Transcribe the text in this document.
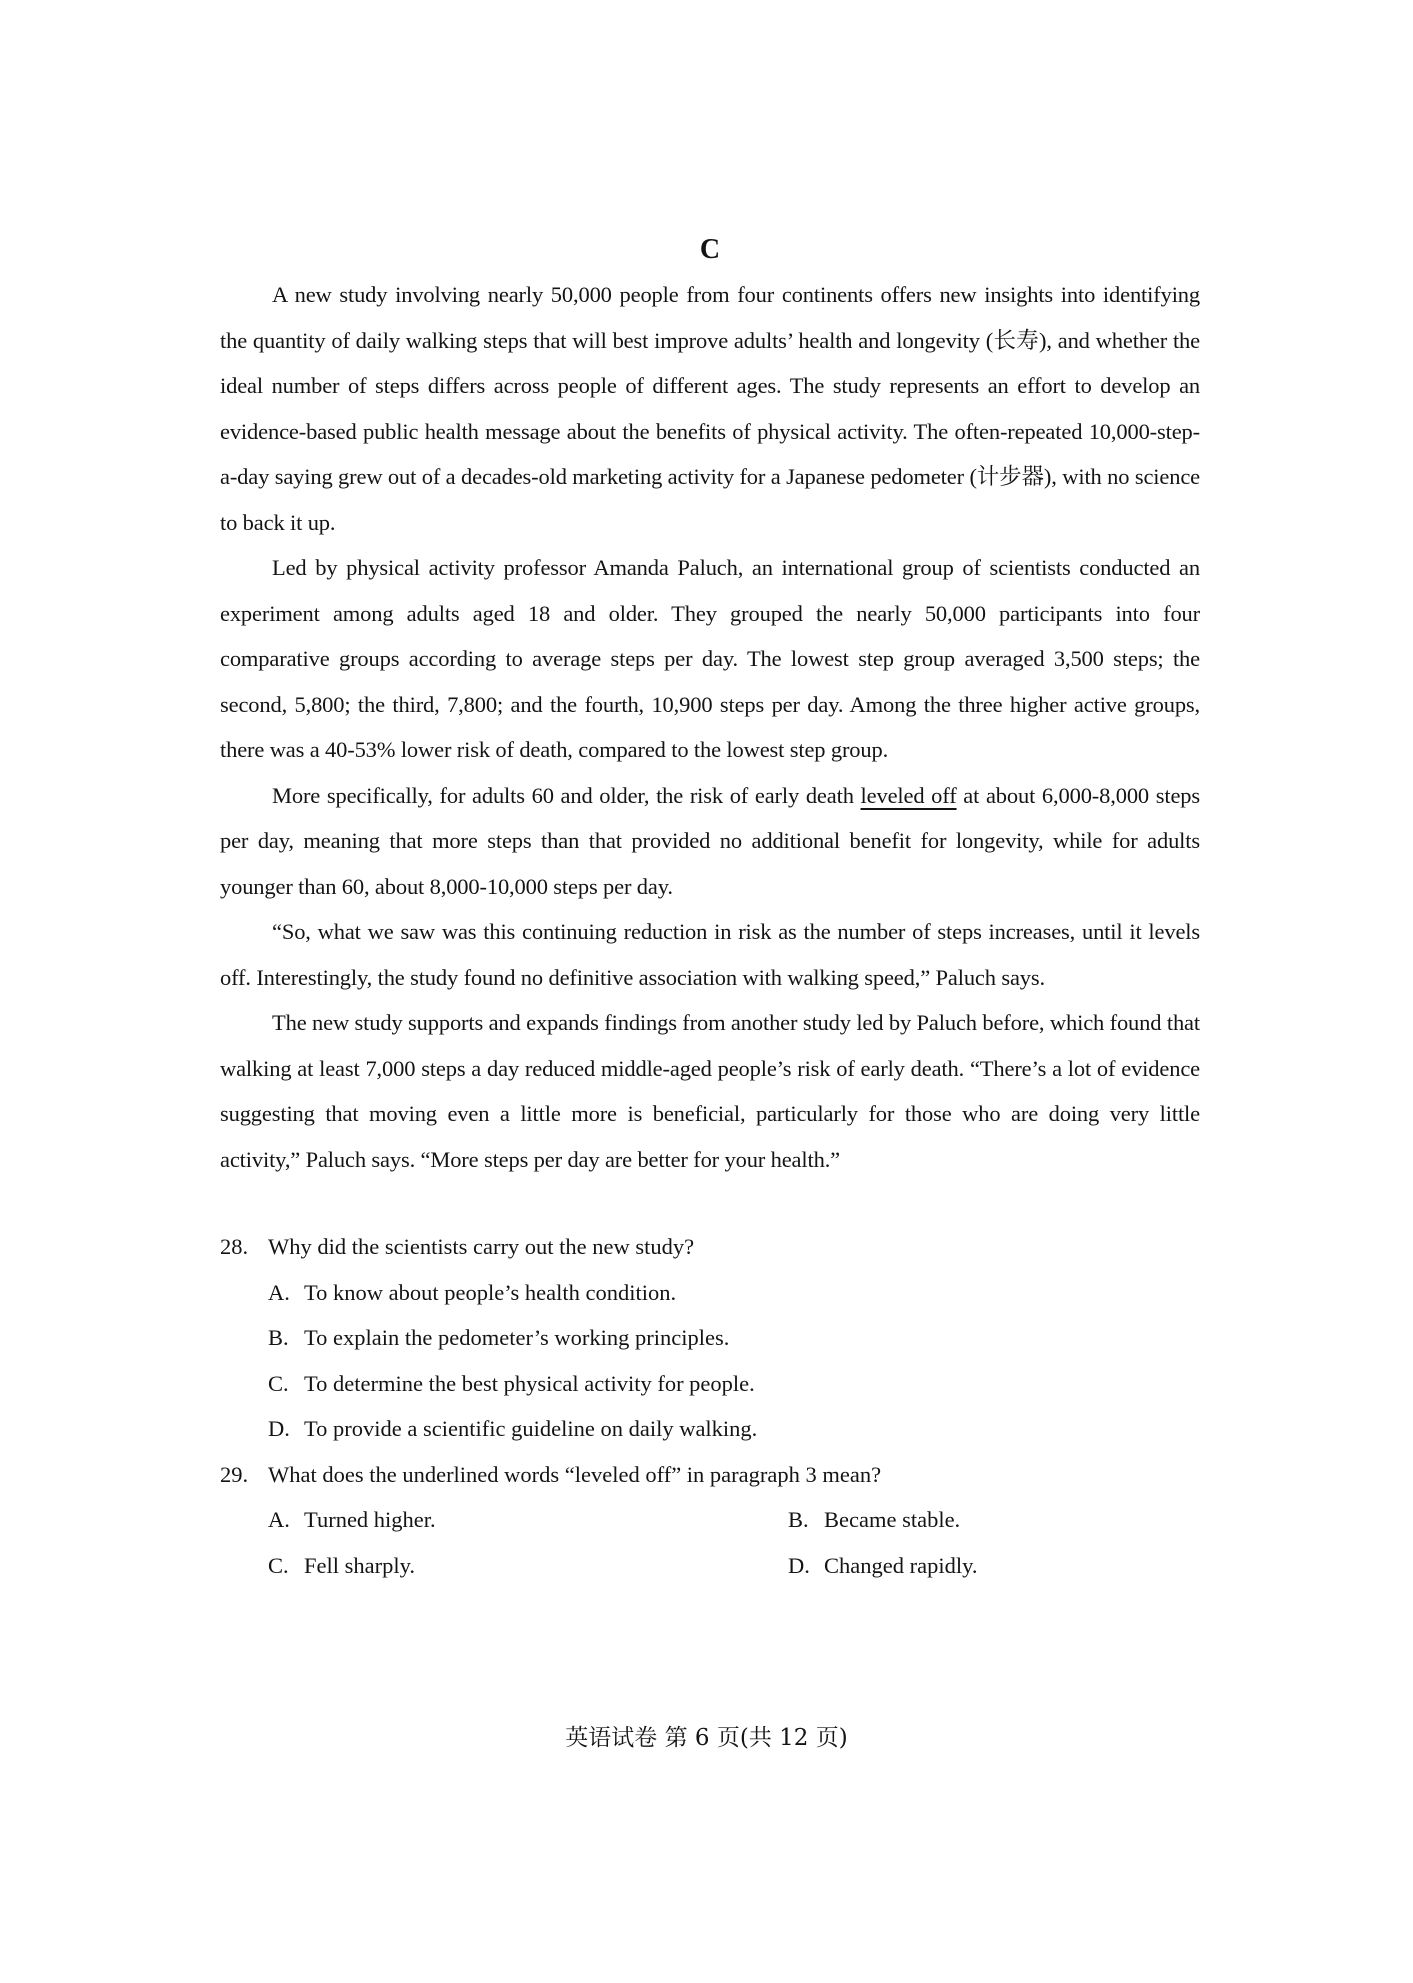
C

A new study involving nearly 50,000 people from four continents offers new insights into identifying the quantity of daily walking steps that will best improve adults’ health and longevity (长寿), and whether the ideal number of steps differs across people of different ages. The study represents an effort to develop an evidence-based public health message about the benefits of physical activity. The often-repeated 10,000-step-a-day saying grew out of a decades-old marketing activity for a Japanese pedometer (计步器), with no science to back it up.

Led by physical activity professor Amanda Paluch, an international group of scientists conducted an experiment among adults aged 18 and older. They grouped the nearly 50,000 participants into four comparative groups according to average steps per day. The lowest step group averaged 3,500 steps; the second, 5,800; the third, 7,800; and the fourth, 10,900 steps per day. Among the three higher active groups, there was a 40-53% lower risk of death, compared to the lowest step group.

More specifically, for adults 60 and older, the risk of early death leveled off at about 6,000-8,000 steps per day, meaning that more steps than that provided no additional benefit for longevity, while for adults younger than 60, about 8,000-10,000 steps per day.

“So, what we saw was this continuing reduction in risk as the number of steps increases, until it levels off. Interestingly, the study found no definitive association with walking speed,” Paluch says.

The new study supports and expands findings from another study led by Paluch before, which found that walking at least 7,000 steps a day reduced middle-aged people’s risk of early death. “There’s a lot of evidence suggesting that moving even a little more is beneficial, particularly for those who are doing very little activity,” Paluch says. “More steps per day are better for your health.”

28. Why did the scientists carry out the new study?
A. To know about people’s health condition.
B. To explain the pedometer’s working principles.
C. To determine the best physical activity for people.
D. To provide a scientific guideline on daily walking.
29. What does the underlined words “leveled off” in paragraph 3 mean?
A. Turned higher.	B. Became stable.
C. Fell sharply.	D. Changed rapidly.
英语试卷 第 6 页(共 12 页)
